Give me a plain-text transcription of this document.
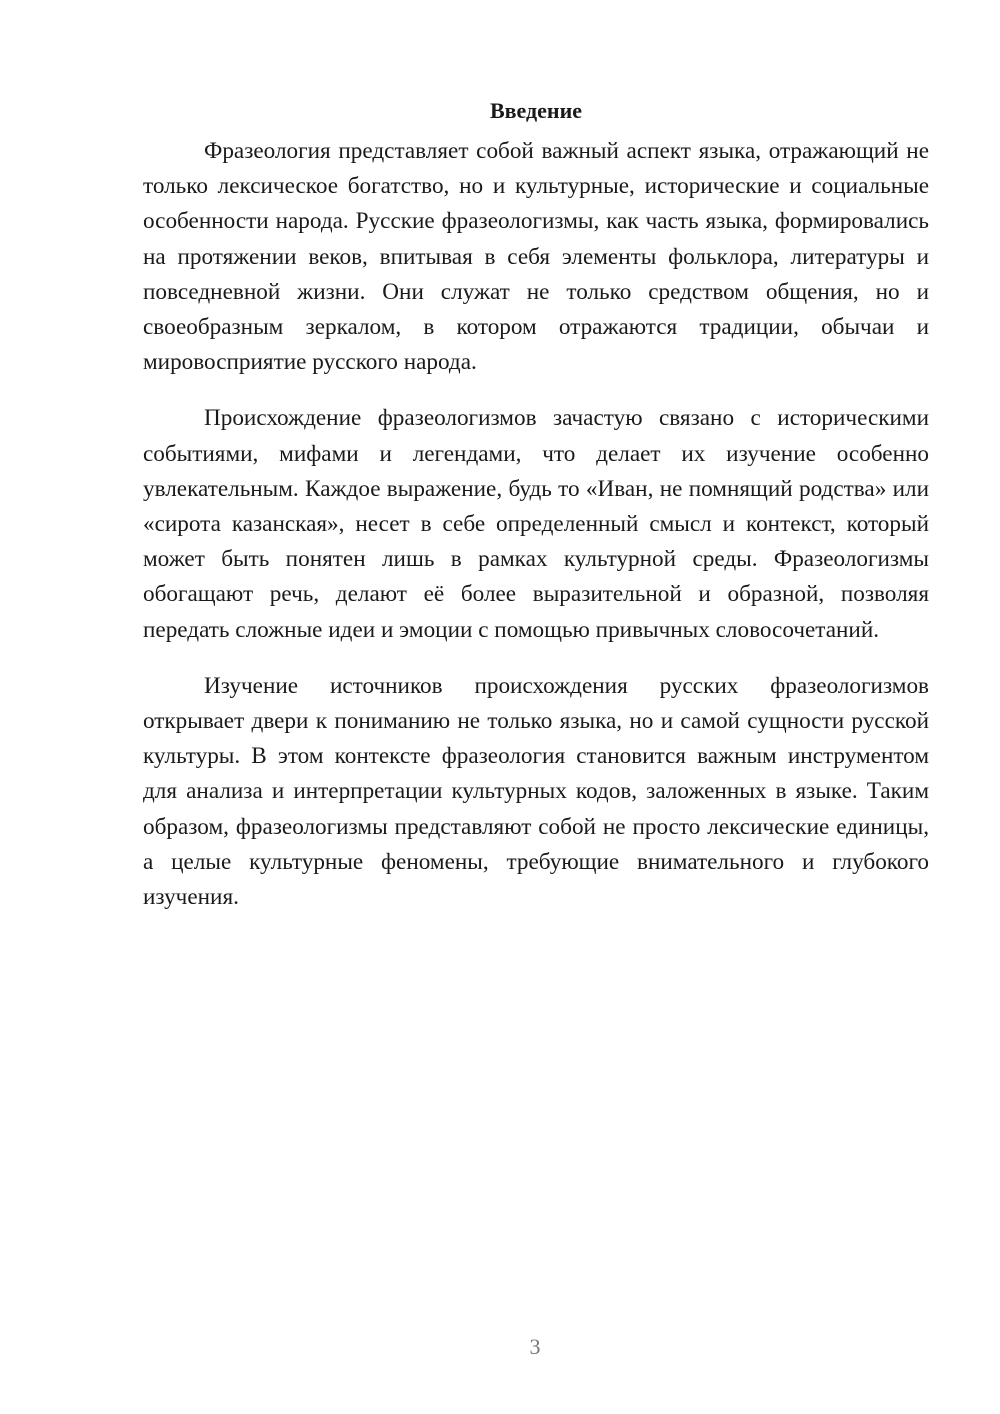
Введение

Фразеология представляет собой важный аспект языка, отражающий не только лексическое богатство, но и культурные, исторические и социальные особенности народа. Русские фразеологизмы, как часть языка, формировались на протяжении веков, впитывая в себя элементы фольклора, литературы и повседневной жизни. Они служат не только средством общения, но и своеобразным зеркалом, в котором отражаются традиции, обычаи и мировосприятие русского народа.

Происхождение фразеологизмов зачастую связано с историческими событиями, мифами и легендами, что делает их изучение особенно увлекательным. Каждое выражение, будь то «Иван, не помнящий родства» или «сирота казанская», несет в себе определенный смысл и контекст, который может быть понятен лишь в рамках культурной среды. Фразеологизмы обогащают речь, делают её более выразительной и образной, позволяя передать сложные идеи и эмоции с помощью привычных словосочетаний.

Изучение источников происхождения русских фразеологизмов открывает двери к пониманию не только языка, но и самой сущности русской культуры. В этом контексте фразеология становится важным инструментом для анализа и интерпретации культурных кодов, заложенных в языке. Таким образом, фразеологизмы представляют собой не просто лексические единицы, а целые культурные феномены, требующие внимательного и глубокого изучения.

3
